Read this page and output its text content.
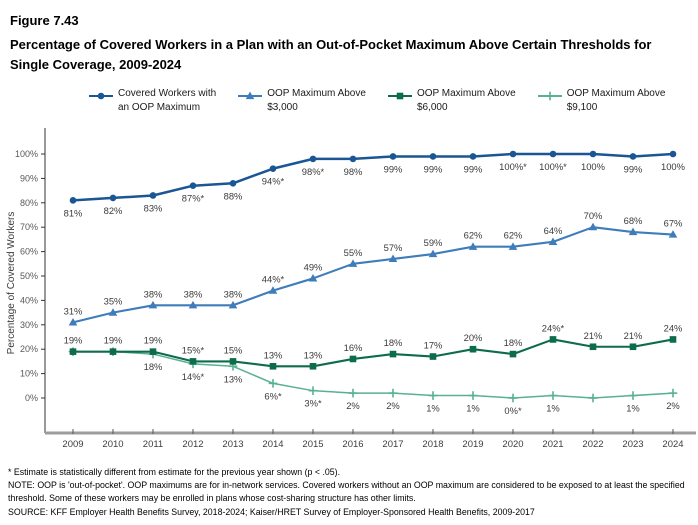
Figure 7.43
Percentage of Covered Workers in a Plan with an Out-of-Pocket Maximum Above Certain Thresholds for Single Coverage, 2009-2024
Covered Workers with
an OOP Maximum
OOP Maximum Above
$3,000
OOP Maximum Above
$6,000
OOP Maximum Above
$9,100
0%
10%
20%
30%
40%
50%
60%
70%
80%
90%
100%
2009 2010 2011 2012 2013 2014 2015 2016 2017 2018 2019 2020 2021 2022 2023 2024
Percentage of Covered Workers
18%
14%* 13%
6%*
3%*	2%	2%	1%	1%	0%*	1%	1%	2%
19% 19% 19%
15%* 15% 13% 13%
16% 18% 17%
20% 18%
24%*
21% 21%
24%
31%
35%
38% 38% 38%
44%*
49%
55% 57% 59%
62% 62% 64%
70% 68% 67%
81% 82% 83%
87%* 88%
94%*
98%* 98% 99% 99% 99% 100%* 100%* 100% 99% 100%
* Estimate is statistically different from estimate for the previous year shown (p < .05).
NOTE: OOP is 'out-of-pocket'. OOP maximums are for in-network services. Covered workers without an OOP maximum are considered to be exposed to at least the specified threshold. Some of these workers may be enrolled in plans whose cost-sharing structure has other limits.
SOURCE: KFF Employer Health Benefits Survey, 2018-2024; Kaiser/HRET Survey of Employer-Sponsored Health Benefits, 2009-2017
